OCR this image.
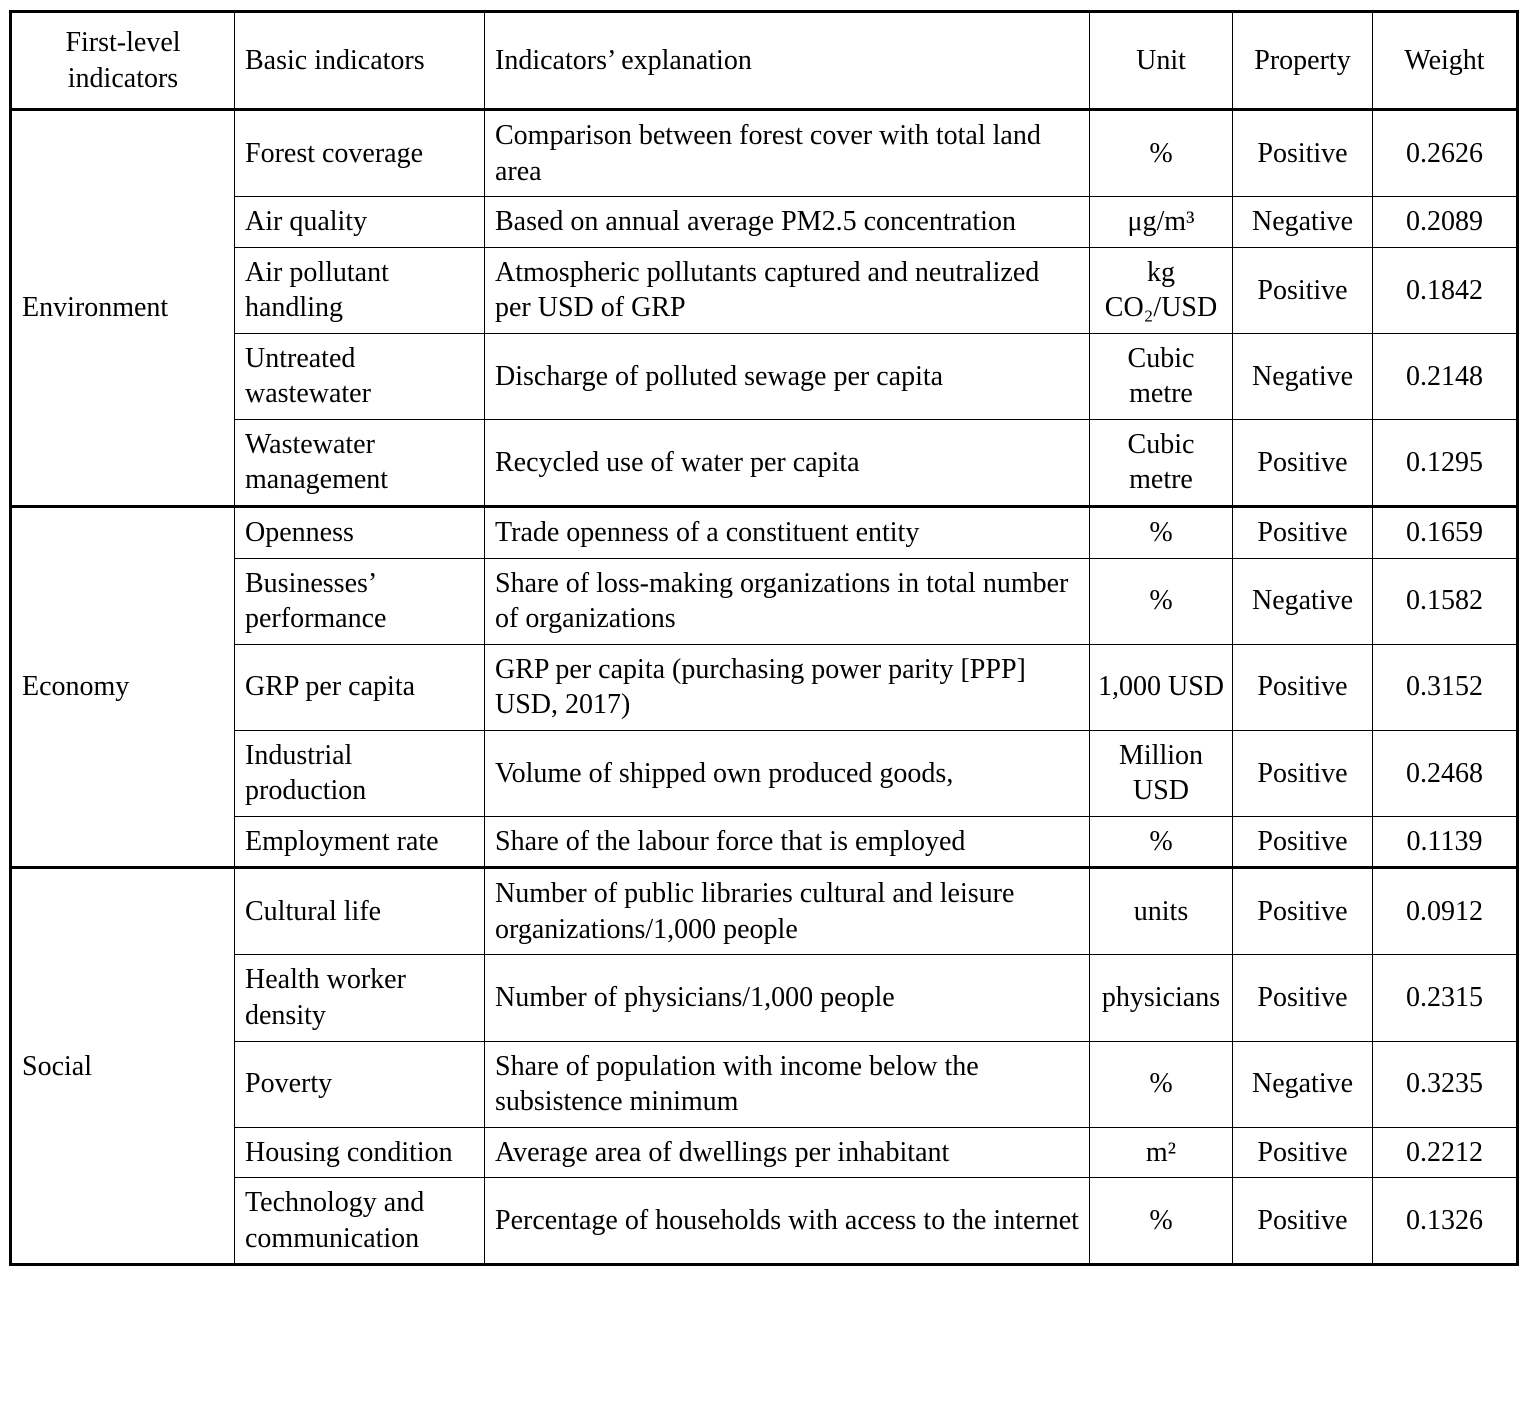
First-level indicators	Basic indicators	Indicators’ explanation	Unit	Property	Weight
Environment	Forest coverage	Comparison between forest cover with total land area	%	Positive	0.2626
	Air quality	Based on annual average PM2.5 concentration	μg/m³	Negative	0.2089
	Air pollutant handling	Atmospheric pollutants captured and neutralized per USD of GRP	kg CO₂/USD	Positive	0.1842
	Untreated wastewater	Discharge of polluted sewage per capita	Cubic metre	Negative	0.2148
	Wastewater management	Recycled use of water per capita	Cubic metre	Positive	0.1295
Economy	Openness	Trade openness of a constituent entity	%	Positive	0.1659
	Businesses’ performance	Share of loss-making organizations in total number of organizations	%	Negative	0.1582
	GRP per capita	GRP per capita (purchasing power parity [PPP] USD, 2017)	1,000 USD	Positive	0.3152
	Industrial production	Volume of shipped own produced goods,	Million USD	Positive	0.2468
	Employment rate	Share of the labour force that is employed	%	Positive	0.1139
Social	Cultural life	Number of public libraries cultural and leisure organizations/1,000 people	units	Positive	0.0912
	Health worker density	Number of physicians/1,000 people	physicians	Positive	0.2315
	Poverty	Share of population with income below the subsistence minimum	%	Negative	0.3235
	Housing condition	Average area of dwellings per inhabitant	m²	Positive	0.2212
	Technology and communication	Percentage of households with access to the internet	%	Positive	0.1326
